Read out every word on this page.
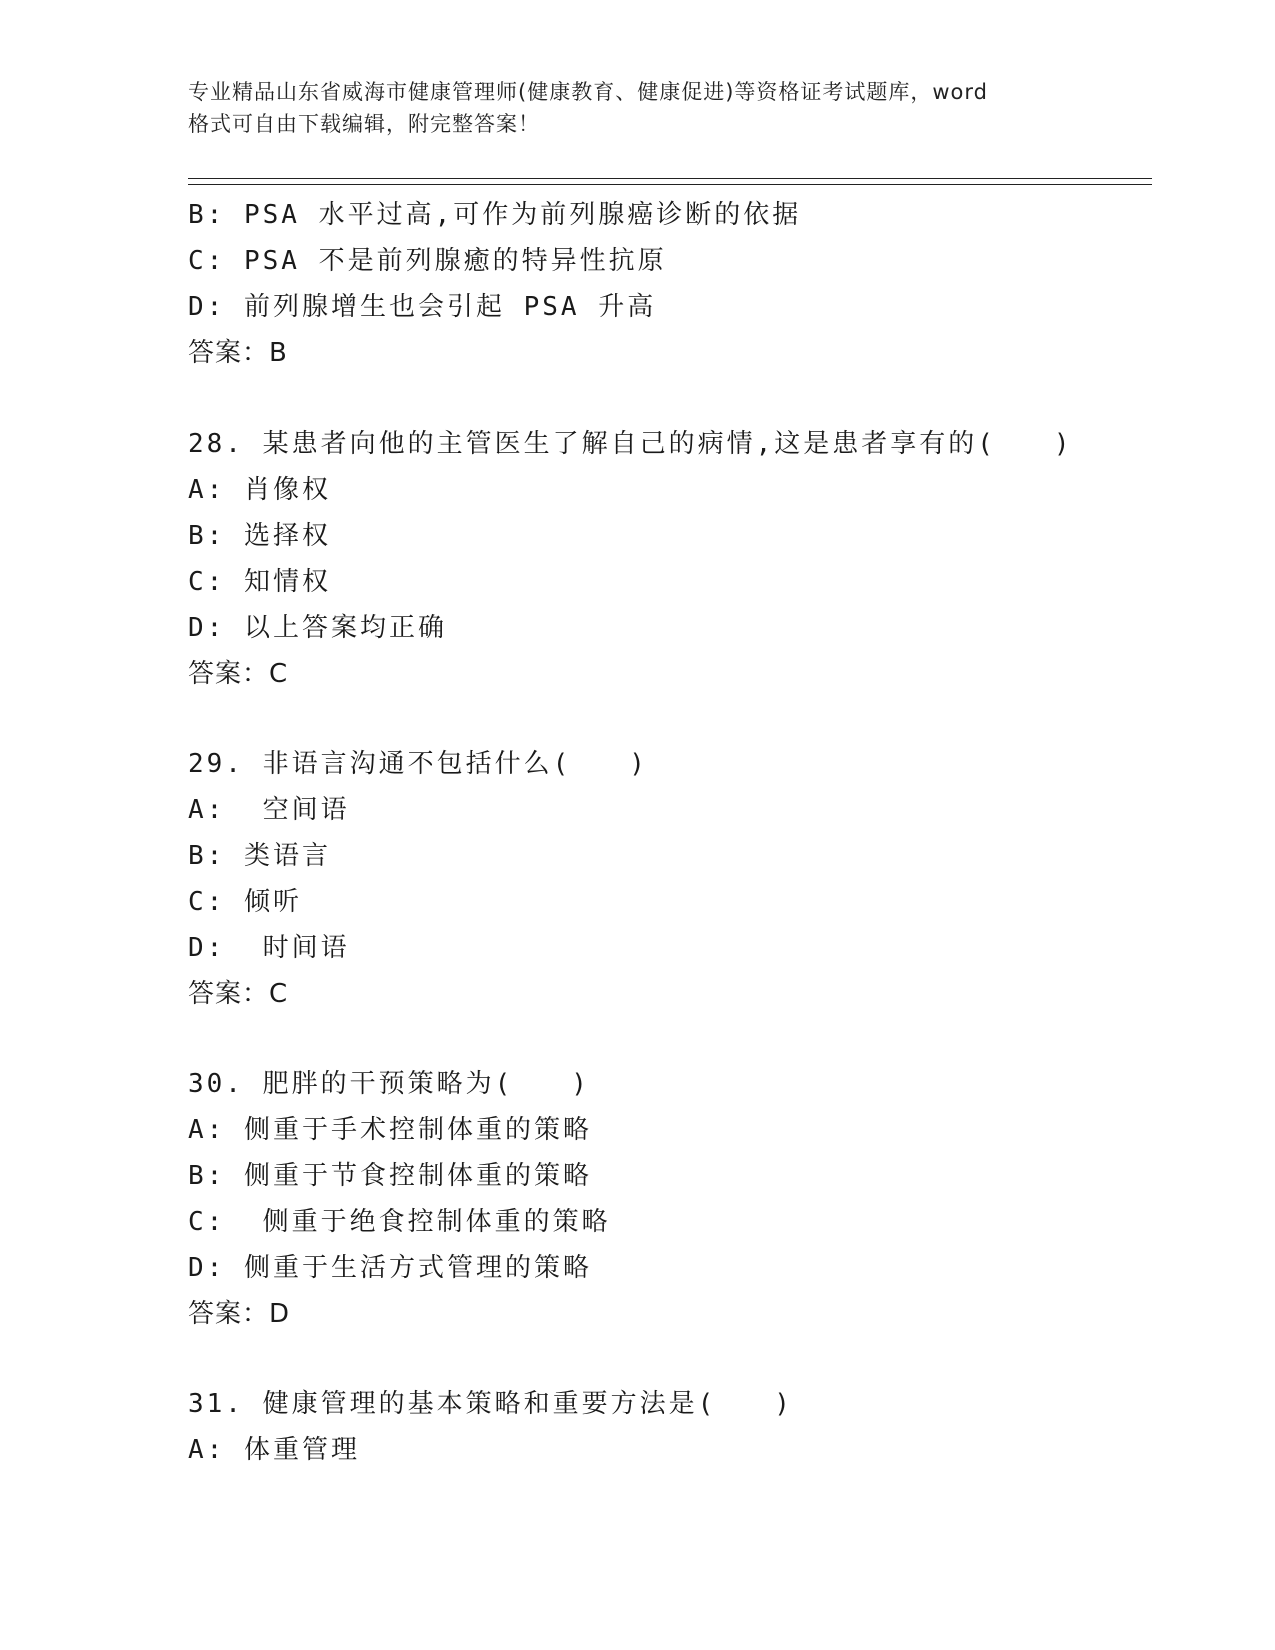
专业精品山东省威海市健康管理师(健康教育、健康促进)等资格证考试题库，word
格式可自由下载编辑，附完整答案！
B: PSA 水平过高,可作为前列腺癌诊断的依据
C: PSA 不是前列腺癒的特异性抗原
D: 前列腺增生也会引起 PSA 升高
答案：B
28. 某患者向他的主管医生了解自己的病情,这是患者享有的(　　)
A: 肖像权
B: 选择权
C: 知情权
D: 以上答案均正确
答案：C
29. 非语言沟通不包括什么(　　)
A:  空间语
B: 类语言
C: 倾听
D:  时间语
答案：C
30. 肥胖的干预策略为(　　)
A: 侧重于手术控制体重的策略
B: 侧重于节食控制体重的策略
C:  侧重于绝食控制体重的策略
D: 侧重于生活方式管理的策略
答案：D
31. 健康管理的基本策略和重要方法是(　　)
A: 体重管理
